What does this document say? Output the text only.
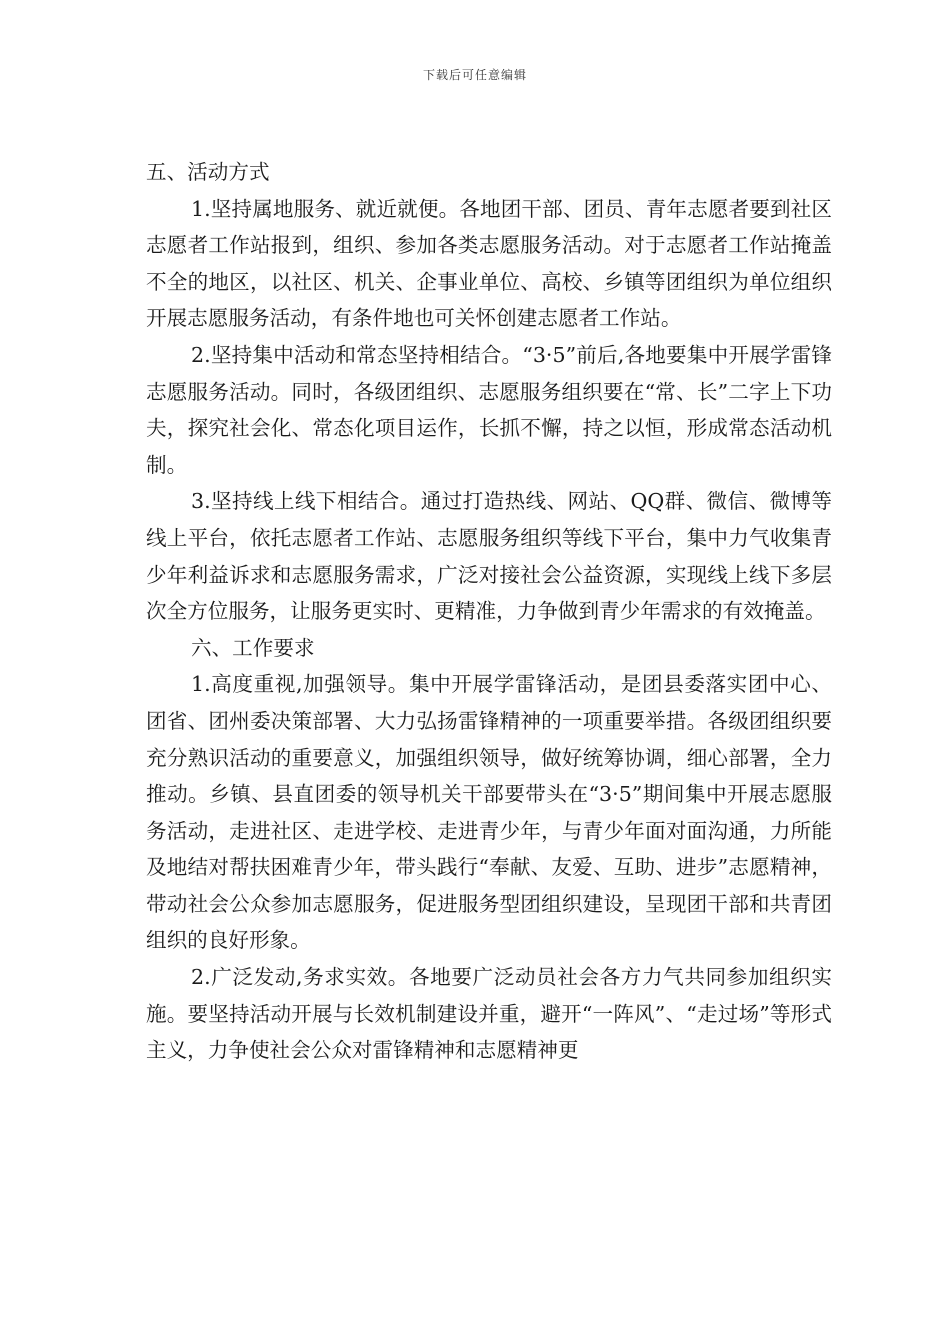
下载后可任意编辑

五、活动方式

1.坚持属地服务、就近就便。各地团干部、团员、青年志愿者要到社区志愿者工作站报到，组织、参加各类志愿服务活动。对于志愿者工作站掩盖不全的地区，以社区、机关、企事业单位、高校、乡镇等团组织为单位组织开展志愿服务活动，有条件地也可关怀创建志愿者工作站。

2.坚持集中活动和常态坚持相结合。“3·5”前后,各地要集中开展学雷锋志愿服务活动。同时，各级团组织、志愿服务组织要在“常、长”二字上下功夫，探究社会化、常态化项目运作，长抓不懈，持之以恒，形成常态活动机制。

3.坚持线上线下相结合。通过打造热线、网站、QQ群、微信、微博等线上平台，依托志愿者工作站、志愿服务组织等线下平台，集中力气收集青少年利益诉求和志愿服务需求，广泛对接社会公益资源，实现线上线下多层次全方位服务，让服务更实时、更精准，力争做到青少年需求的有效掩盖。

六、工作要求

1.高度重视,加强领导。集中开展学雷锋活动，是团县委落实团中心、团省、团州委决策部署、大力弘扬雷锋精神的一项重要举措。各级团组织要充分熟识活动的重要意义，加强组织领导，做好统筹协调，细心部署，全力推动。乡镇、县直团委的领导机关干部要带头在“3·5”期间集中开展志愿服务活动，走进社区、走进学校、走进青少年，与青少年面对面沟通，力所能及地结对帮扶困难青少年，带头践行“奉献、友爱、互助、进步”志愿精神，带动社会公众参加志愿服务，促进服务型团组织建设，呈现团干部和共青团组织的良好形象。

2.广泛发动,务求实效。各地要广泛动员社会各方力气共同参加组织实施。要坚持活动开展与长效机制建设并重，避开“一阵风”、“走过场”等形式主义，力争使社会公众对雷锋精神和志愿精神更
